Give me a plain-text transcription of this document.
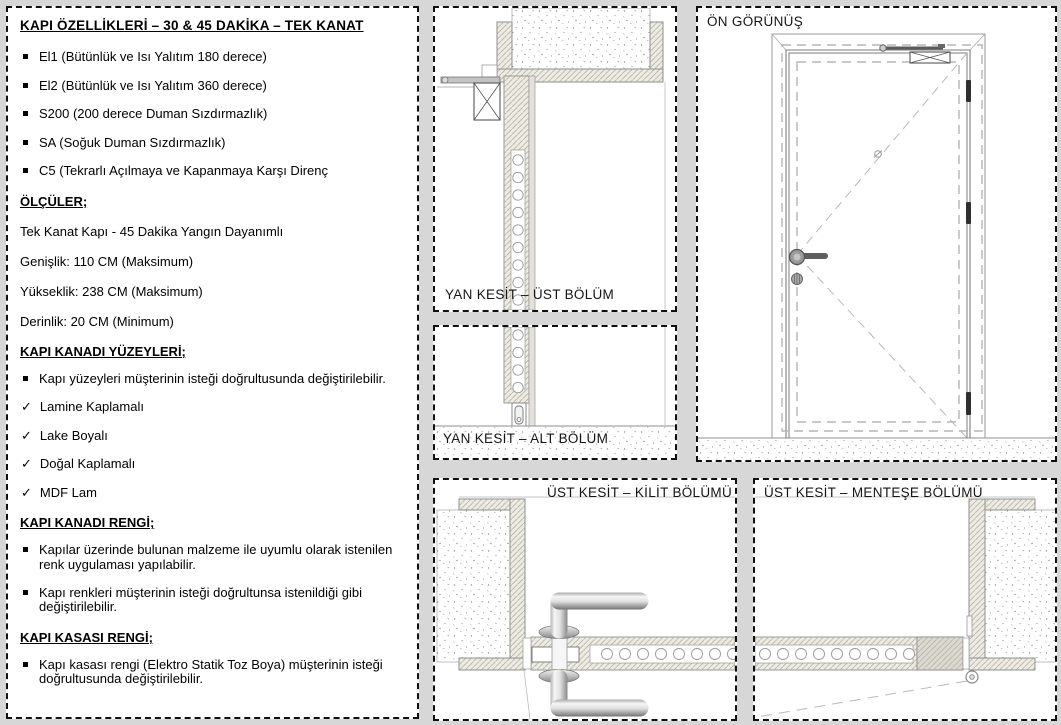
KAPI ÖZELLİKLERİ – 30 & 45 DAKİKA – TEK KANAT
El1 (Bütünlük ve Isı Yalıtım 180 derece)
El2 (Bütünlük ve Isı Yalıtım 360 derece)
S200 (200 derece Duman Sızdırmazlık)
SA (Soğuk Duman Sızdırmazlık)
C5 (Tekrarlı Açılmaya ve Kapanmaya Karşı Direnç
ÖLÇÜLER;
Tek Kanat Kapı - 45 Dakika Yangın Dayanımlı
Genişlik: 110 CM (Maksimum)
Yükseklik: 238 CM (Maksimum)
Derinlik: 20 CM (Minimum)
KAPI KANADI YÜZEYLERİ;
Kapı yüzeyleri müşterinin isteği doğrultusunda değiştirilebilir.
✓ Lamine Kaplamalı
✓ Lake Boyalı
✓ Doğal Kaplamalı
✓ MDF Lam
KAPI KANADI RENGİ;
Kapılar üzerinde bulunan malzeme ile uyumlu olarak istenilen renk uygulaması yapılabilir.
Kapı renkleri müşterinin isteği doğrultunsa istenildiği gibi değiştirilebilir.
KAPI KASASI RENGİ;
Kapı kasası rengi (Elektro Statik Toz Boya) müşterinin isteği doğrultusunda değiştirilebilir.
YAN KESİT – ÜST BÖLÜM
YAN KESİT – ALT BÖLÜM
ÖN GÖRÜNÜŞ
ÜST KESİT – KİLİT BÖLÜMÜ ÜST KESİT – MENTEŞE BÖLÜMÜ
